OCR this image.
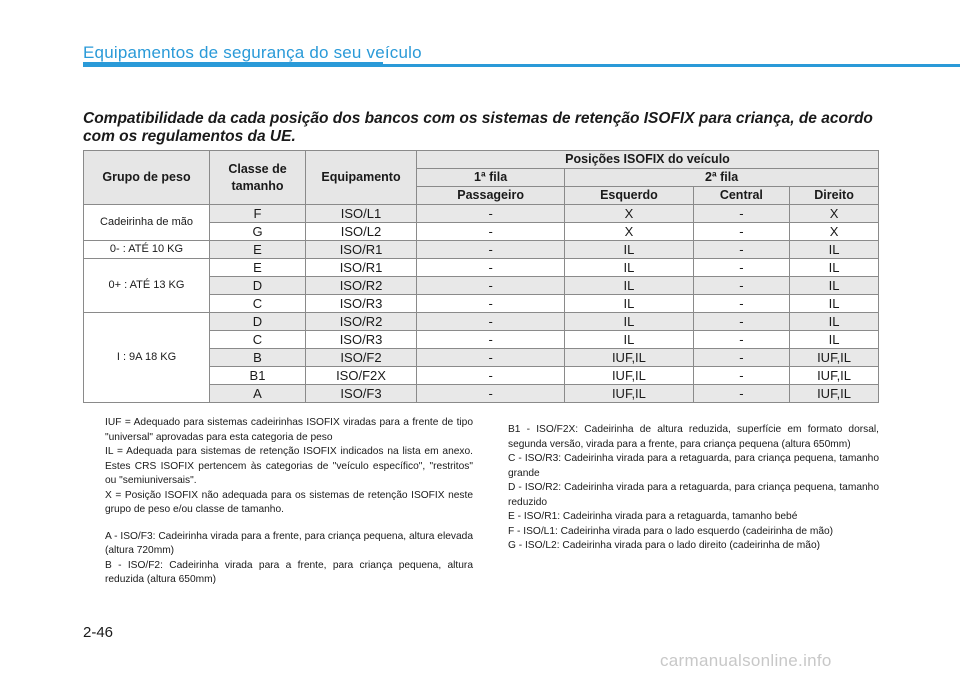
Equipamentos de segurança do seu veículo
Compatibilidade da cada posição dos bancos com os sistemas de retenção ISOFIX para criança, de acordo com os regulamentos da UE.
Grupo de peso	Classe de tamanho	Equipamento	Posições ISOFIX do veículo			
			1ª fila	2ª fila		
			Passageiro	Esquerdo	Central	Direito
Cadeirinha de mão	F	ISO/L1	-	X	-	X
	G	ISO/L2	-	X	-	X
0- : ATÉ 10 KG	E	ISO/R1	-	IL	-	IL
0+ : ATÉ 13 KG	E	ISO/R1	-	IL	-	IL
	D	ISO/R2	-	IL	-	IL
	C	ISO/R3	-	IL	-	IL
I : 9A 18 KG	D	ISO/R2	-	IL	-	IL
	C	ISO/R3	-	IL	-	IL
	B	ISO/F2	-	IUF,IL	-	IUF,IL
	B1	ISO/F2X	-	IUF,IL	-	IUF,IL
	A	ISO/F3	-	IUF,IL	-	IUF,IL

IUF = Adequado para sistemas cadeirinhas ISOFIX viradas para a frente de tipo "universal" aprovadas para esta categoria de peso

IL = Adequada para sistemas de retenção ISOFIX indicados na lista em anexo. Estes CRS ISOFIX pertencem às categorias de "veículo específico", "restritos" ou "semiuniversais".

X = Posição ISOFIX não adequada para os sistemas de retenção ISOFIX neste grupo de peso e/ou classe de tamanho.

A - ISO/F3: Cadeirinha virada para a frente, para criança pequena, altura elevada (altura 720mm)

B - ISO/F2: Cadeirinha virada para a frente, para criança pequena, altura reduzida (altura 650mm)

B1 - ISO/F2X: Cadeirinha de altura reduzida, superfície em formato dorsal, segunda versão, virada para a frente, para criança pequena (altura 650mm)

C - ISO/R3: Cadeirinha virada para a retaguarda, para criança pequena, tamanho grande

D - ISO/R2: Cadeirinha virada para a retaguarda, para criança pequena, tamanho reduzido

E - ISO/R1: Cadeirinha virada para a retaguarda, tamanho bebé

F - ISO/L1: Cadeirinha virada para o lado esquerdo (cadeirinha de mão)

G - ISO/L2: Cadeirinha virada para o lado direito (cadeirinha de mão)

2-46
carmanualsonline.info
